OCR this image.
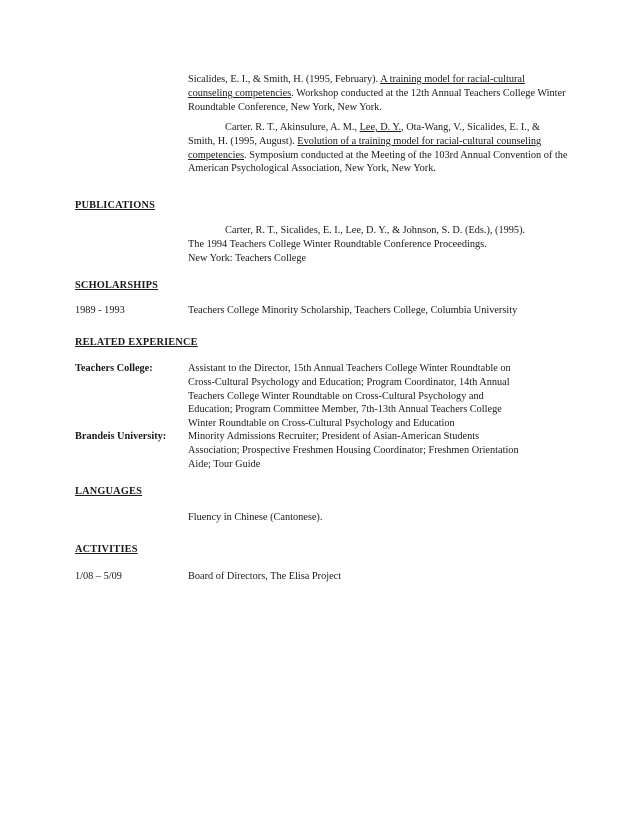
Sicalides, E. I., & Smith, H. (1995, February). A training model for racial-cultural counseling competencies. Workshop conducted at the 12th Annual Teachers College Winter Roundtable Conference, New York, New York.
Carter. R. T., Akinsulure, A. M., Lee, D. Y., Ota-Wang, V., Sicalides, E. I., & Smith, H. (1995, August). Evolution of a training model for racial-cultural counseling competencies. Symposium conducted at the Meeting of the 103rd Annual Convention of the American Psychological Association, New York, New York.
PUBLICATIONS
Carter, R. T., Sicalides, E. I., Lee, D. Y., & Johnson, S. D. (Eds.), (1995).
The 1994 Teachers College Winter Roundtable Conference Proceedings.
New York: Teachers College
SCHOLARSHIPS
1989 - 1993	Teachers College Minority Scholarship, Teachers College, Columbia University
RELATED EXPERIENCE
Teachers College:	Assistant to the Director, 15th Annual Teachers College Winter Roundtable on
Cross-Cultural Psychology and Education; Program Coordinator, 14th Annual
Teachers College Winter Roundtable on Cross-Cultural Psychology and
Education; Program Committee Member, 7th-13th Annual Teachers College
Winter Roundtable on Cross-Cultural Psychology and Education
Brandeis University: Minority Admissions Recruiter; President of Asian-American Students
Association; Prospective Freshmen Housing Coordinator; Freshmen Orientation
Aide; Tour Guide
LANGUAGES
Fluency in Chinese (Cantonese).
ACTIVITIES
1/08 – 5/09	Board of Directors, The Elisa Project
